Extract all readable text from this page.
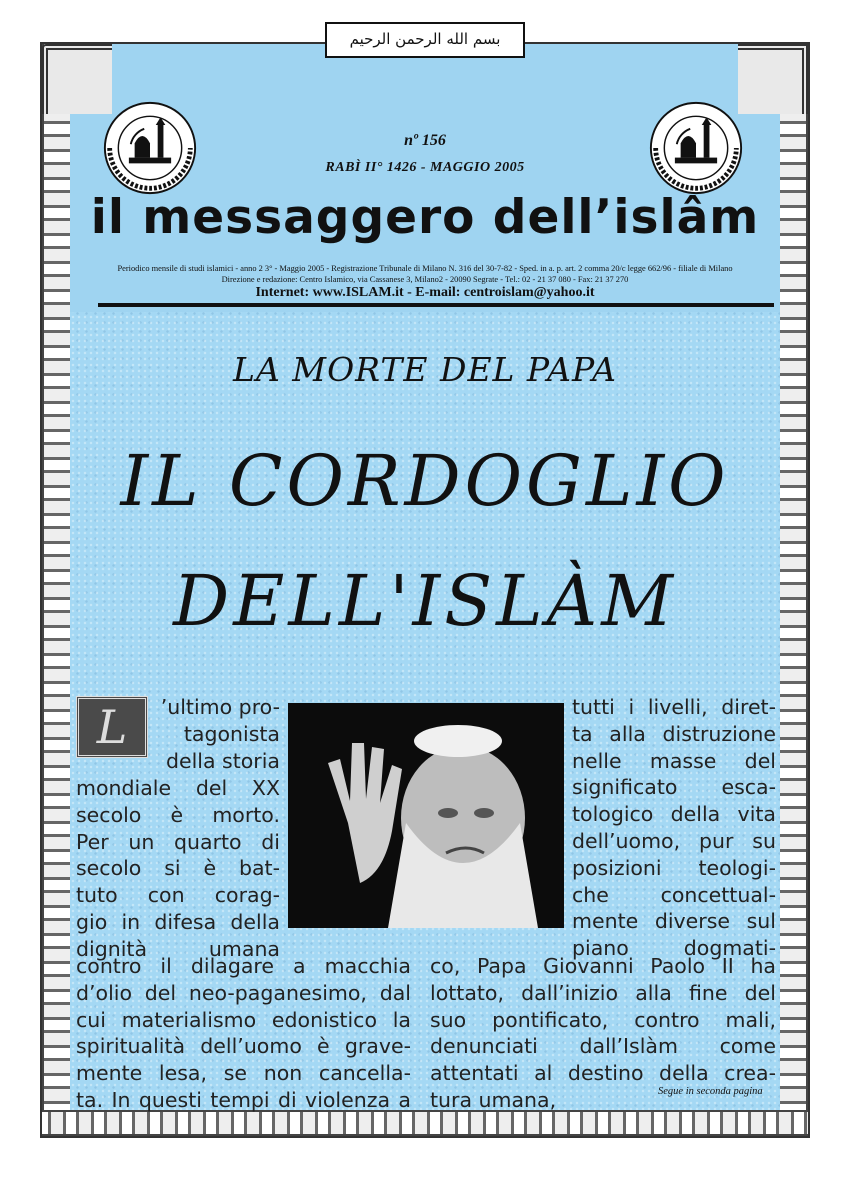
بسم الله الرحمن الرحيم
nº 156
RABÌ II° 1426 - MAGGIO 2005
il messaggero dell’islâm
Periodico mensile di studi islamici - anno 2 3° - Maggio 2005 - Registrazione Tribunale di Milano N. 316 del 30-7-82 - Sped. in a. p. art. 2 comma 20/c legge 662/96 - filiale di Milano
Direzione e redazione: Centro Islamico, via Cassanese 3, Milano2 - 20090 Segrate - Tel.: 02 - 21 37 080 - Fax: 21 37 270
Internet: www.ISLAM.it - E-mail: centroislam@yahoo.it
LA MORTE DEL PAPA
IL CORDOGLIO
DELL'ISLÀM
L	’ultimo pro-
tagonista
della storia
mondiale del XX
secolo è morto.
Per un quarto di
secolo si è bat-
tuto con corag-
gio in difesa della
dignità umana
tutti i livelli, diret-
ta alla distruzione
nelle masse del
significato esca-
tologico della vita
dell’uomo, pur su
posizioni teologi-
che concettual-
mente diverse sul
piano dogmati-
contro il dilagare a macchia
d’olio del neo-paganesimo, dal
cui materialismo edonistico la
spiritualità dell’uomo è grave-
mente lesa, se non cancella-
ta. In questi tempi di violenza a
co, Papa Giovanni Paolo II ha
lottato, dall’inizio alla fine del
suo pontificato, contro mali,
denunciati dall’Islàm come
attentati al destino della crea-
tura umana,	Segue in seconda pagina
